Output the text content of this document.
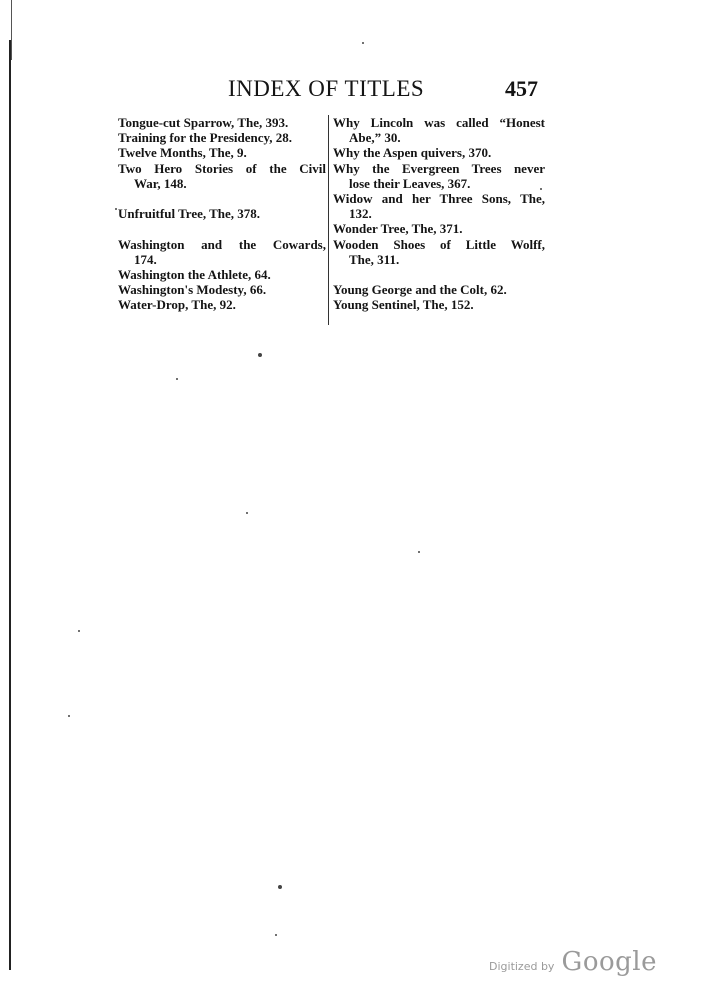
INDEX OF TITLES	457
Tongue-cut Sparrow, The, 393.
Training for the Presidency, 28.
Twelve Months, The, 9.
Two Hero Stories of the Civil
War, 148.
Unfruitful Tree, The, 378.
Washington and the Cowards,
174.
Washington the Athlete, 64.
Washington's Modesty, 66.
Water-Drop, The, 92.
Why Lincoln was called “Honest
Abe,” 30.
Why the Aspen quivers, 370.
Why the Evergreen Trees never
lose their Leaves, 367.
Widow and her Three Sons, The,
132.
Wonder Tree, The, 371.
Wooden Shoes of Little Wolff,
The, 311.
Young George and the Colt, 62.
Young Sentinel, The, 152.
Digitized by Google
